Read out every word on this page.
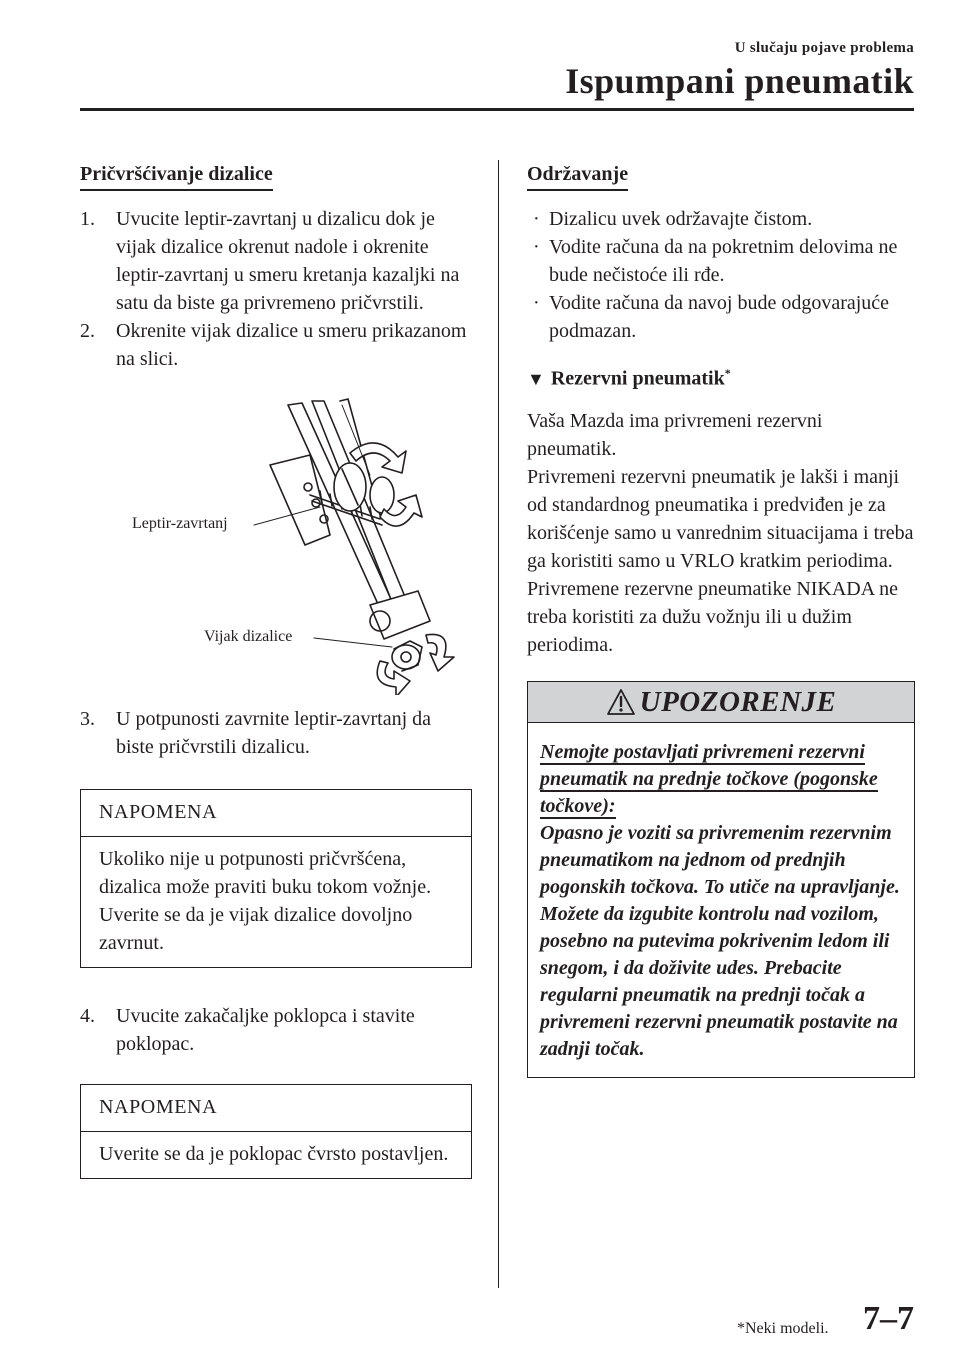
U slučaju pojave problema
Ispumpani pneumatik
Pričvršćivanje dizalice
1. Uvucite leptir-zavrtanj u dizalicu dok je vijak dizalice okrenut nadole i okrenite leptir-zavrtanj u smeru kretanja kazaljki na satu da biste ga privremeno pričvrstili.
2. Okrenite vijak dizalice u smeru prikazanom na slici.
Leptir-zavrtanj
Vijak dizalice
3. U potpunosti zavrnite leptir-zavrtanj da biste pričvrstili dizalicu.
NAPOMENA
Ukoliko nije u potpunosti pričvršćena, dizalica može praviti buku tokom vožnje. Uverite se da je vijak dizalice dovoljno zavrnut.
4. Uvucite zakačaljke poklopca i stavite poklopac.
NAPOMENA
Uverite se da je poklopac čvrsto postavljen.
Održavanje
· Dizalicu uvek održavajte čistom.
· Vodite računa da na pokretnim delovima ne bude nečistoće ili rđe.
· Vodite računa da navoj bude odgovarajuće podmazan.
▼ Rezervni pneumatik*
Vaša Mazda ima privremeni rezervni pneumatik.
Privremeni rezervni pneumatik je lakši i manji od standardnog pneumatika i predviđen je za korišćenje samo u vanrednim situacijama i treba ga koristiti samo u VRLO kratkim periodima.
Privremene rezervne pneumatike NIKADA ne treba koristiti za dužu vožnju ili u dužim periodima.
UPOZORENJE
Nemojte postavljati privremeni rezervni pneumatik na prednje točkove (pogonske točkove):
Opasno je voziti sa privremenim rezervnim pneumatikom na jednom od prednjih pogonskih točkova. To utiče na upravljanje. Možete da izgubite kontrolu nad vozilom, posebno na putevima pokrivenim ledom ili snegom, i da doživite udes. Prebacite regularni pneumatik na prednji točak a privremeni rezervni pneumatik postavite na zadnji točak.
*Neki modeli. 7–7
